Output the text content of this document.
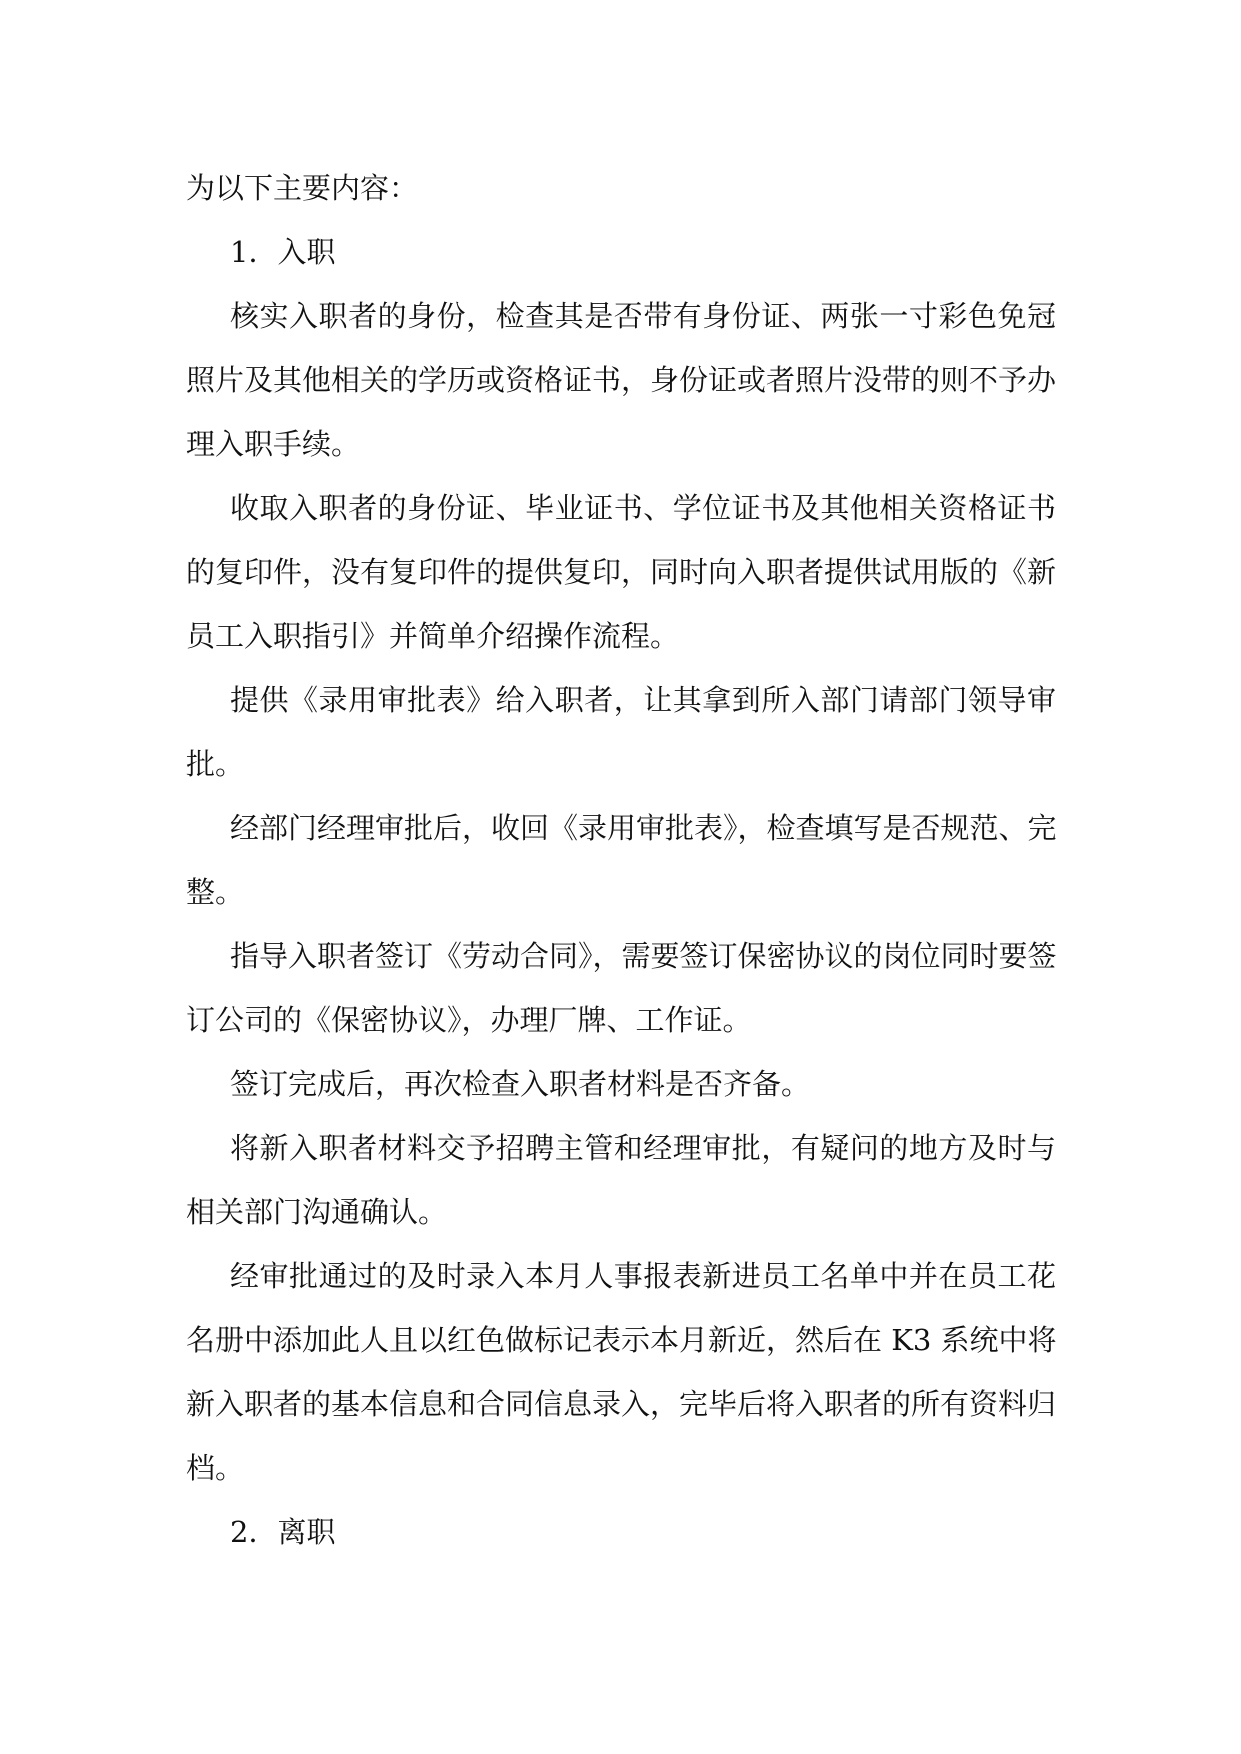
为以下主要内容：
1．入职
核实入职者的身份，检查其是否带有身份证、两张一寸彩色免冠
照片及其他相关的学历或资格证书，身份证或者照片没带的则不予办
理入职手续。
收取入职者的身份证、毕业证书、学位证书及其他相关资格证书
的复印件，没有复印件的提供复印，同时向入职者提供试用版的《新
员工入职指引》并简单介绍操作流程。
提供《录用审批表》给入职者，让其拿到所入部门请部门领导审
批。
经部门经理审批后，收回《录用审批表》，检查填写是否规范、完
整。
指导入职者签订《劳动合同》，需要签订保密协议的岗位同时要签
订公司的《保密协议》，办理厂牌、工作证。
签订完成后，再次检查入职者材料是否齐备。
将新入职者材料交予招聘主管和经理审批，有疑问的地方及时与
相关部门沟通确认。
经审批通过的及时录入本月人事报表新进员工名单中并在员工花
名册中添加此人且以红色做标记表示本月新近，然后在 K3 系统中将
新入职者的基本信息和合同信息录入，完毕后将入职者的所有资料归
档。
2．离职
